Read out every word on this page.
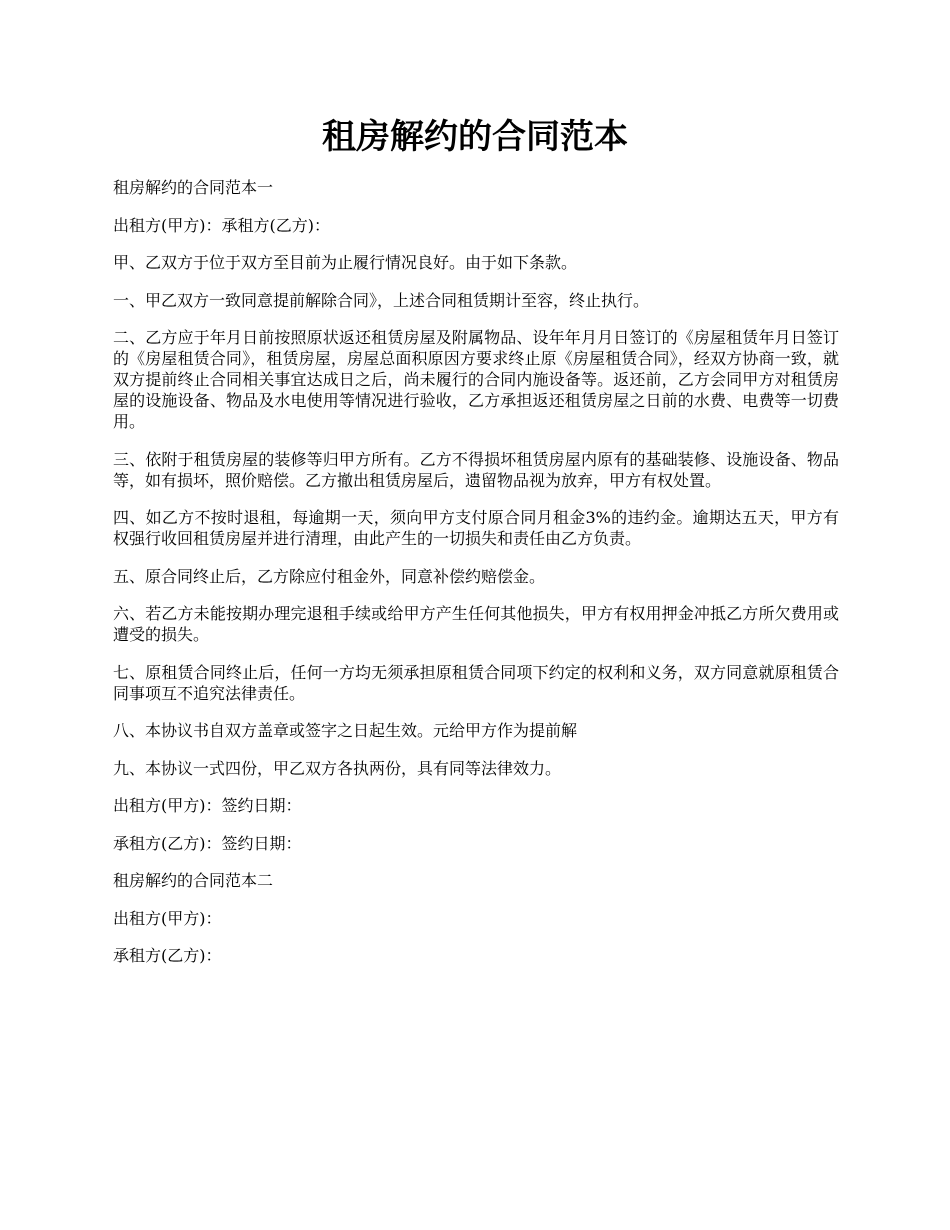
租房解约的合同范本

租房解约的合同范本一

出租方(甲方)：承租方(乙方)：

甲、乙双方于位于双方至目前为止履行情况良好。由于如下条款。

一、甲乙双方一致同意提前解除合同》，上述合同租赁期计至容，终止执行。

二、乙方应于年月日前按照原状返还租赁房屋及附属物品、设年年月月日签订的《房屋租赁年月日签订的《房屋租赁合同》，租赁房屋，房屋总面积原因方要求终止原《房屋租赁合同》，经双方协商一致，就双方提前终止合同相关事宜达成日之后，尚未履行的合同内施设备等。返还前，乙方会同甲方对租赁房屋的设施设备、物品及水电使用等情况进行验收，乙方承担返还租赁房屋之日前的水费、电费等一切费用。

三、依附于租赁房屋的装修等归甲方所有。乙方不得损坏租赁房屋内原有的基础装修、设施设备、物品等，如有损坏，照价赔偿。乙方撤出租赁房屋后，遗留物品视为放弃，甲方有权处置。

四、如乙方不按时退租，每逾期一天，须向甲方支付原合同月租金3%的违约金。逾期达五天，甲方有权强行收回租赁房屋并进行清理，由此产生的一切损失和责任由乙方负责。

五、原合同终止后，乙方除应付租金外，同意补偿约赔偿金。

六、若乙方未能按期办理完退租手续或给甲方产生任何其他损失，甲方有权用押金冲抵乙方所欠费用或遭受的损失。

七、原租赁合同终止后，任何一方均无须承担原租赁合同项下约定的权利和义务，双方同意就原租赁合同事项互不追究法律责任。

八、本协议书自双方盖章或签字之日起生效。元给甲方作为提前解

九、本协议一式四份，甲乙双方各执两份，具有同等法律效力。

出租方(甲方)：签约日期：

承租方(乙方)：签约日期：

租房解约的合同范本二

出租方(甲方)：

承租方(乙方)：
